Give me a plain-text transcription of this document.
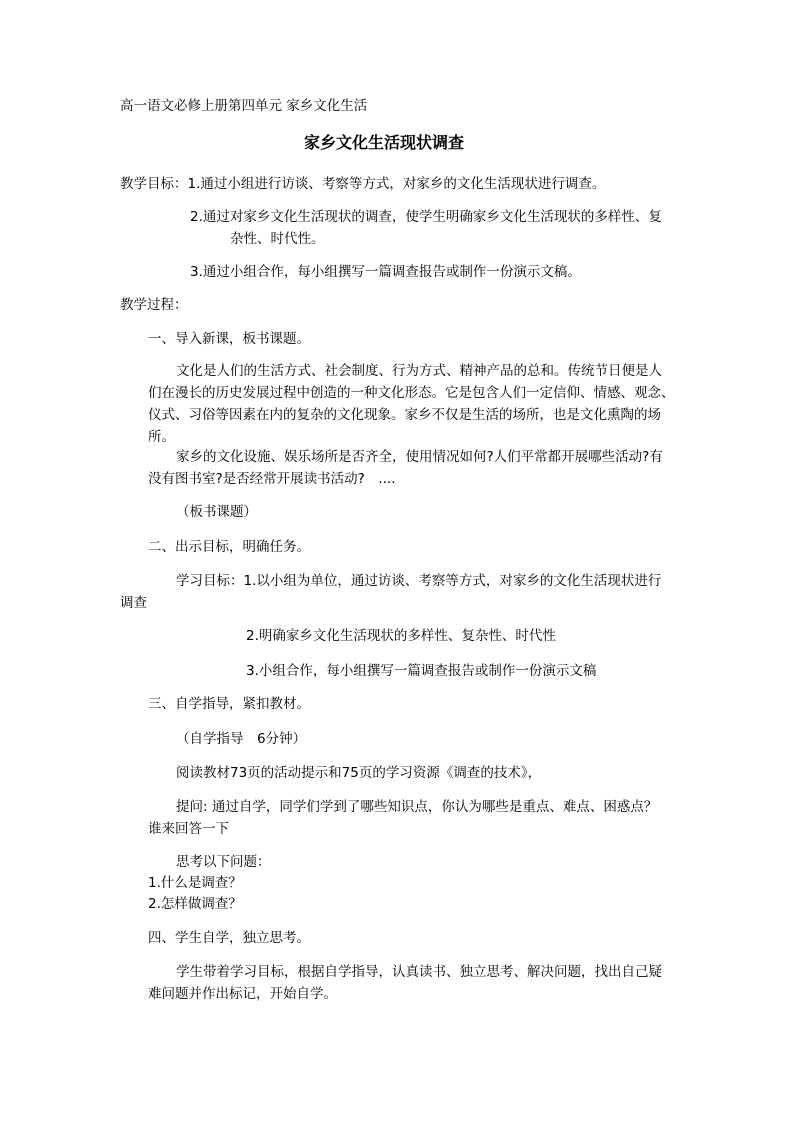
高一语文必修上册第四单元 家乡文化生活
家乡文化生活现状调查
教学目标：1.通过小组进行访谈、考察等方式，对家乡的文化生活现状进行调查。
2.通过对家乡文化生活现状的调查，使学生明确家乡文化生活现状的多样性、复
杂性、时代性。
3.通过小组合作，每小组撰写一篇调查报告或制作一份演示文稿。
教学过程：
一、导入新课，板书课题。
文化是人们的生活方式、社会制度、行为方式、精神产品的总和。传统节日便是人
们在漫长的历史发展过程中创造的一种文化形态。它是包含人们一定信仰、情感、观念、
仪式、习俗等因素在内的复杂的文化现象。家乡不仅是生活的场所，也是文化熏陶的场
所。
家乡的文化设施、娱乐场所是否齐全，使用情况如何?人们平常都开展哪些活动?有
没有图书室?是否经常开展读书活动?　....
（板书课题）
二、出示目标，明确任务。
学习目标：1.以小组为单位，通过访谈、考察等方式，对家乡的文化生活现状进行
调查
2.明确家乡文化生活现状的多样性、复杂性、时代性
3.小组合作，每小组撰写一篇调查报告或制作一份演示文稿
三、自学指导，紧扣教材。
（自学指导　6分钟）
阅读教材73页的活动提示和75页的学习资源《调查的技术》，
提问: 通过自学，同学们学到了哪些知识点，你认为哪些是重点、难点、困惑点？
谁来回答一下
思考以下问题：
1.什么是调查？
2.怎样做调查？
四、学生自学，独立思考。
学生带着学习目标，根据自学指导，认真读书、独立思考、解决问题，找出自己疑
难问题并作出标记，开始自学。
